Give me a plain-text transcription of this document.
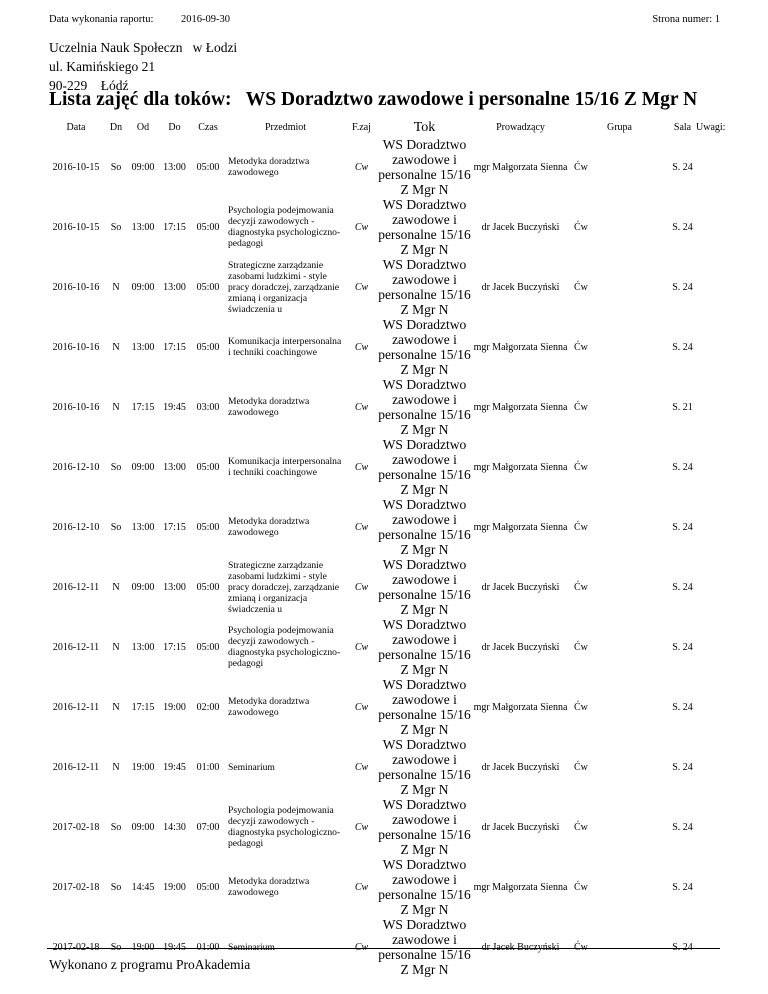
Data wykonania raportu:	2016-09-30	Strona numer: 1
Uczelnia Nauk Społeczn   w Łodzi
ul. Kamińskiego 21
90-229    Łódź
Lista zajęć dla toków:   WS Doradztwo zawodowe i personalne 15/16 Z Mgr N
Data	Dn	Od	Do	Czas	Przedmiot	F.zaj	Tok	Prowadzący	Grupa	Sala	Uwagi:

2016-10-15	So	09:00	13:00	05:00	Metodyka doradztwa zawodowego	Cw	WS Doradztwo zawodowe i personalne 15/16 Z Mgr N	mgr Małgorzata Sienna	Ćw	S. 24	

2016-10-15	So	13:00	17:15	05:00	Psychologia podejmowania decyzji zawodowych - diagnostyka psychologiczno-pedagogi	Cw	WS Doradztwo zawodowe i personalne 15/16 Z Mgr N	dr Jacek Buczyński	Ćw	S. 24	

2016-10-16	N	09:00	13:00	05:00	Strategiczne zarządzanie zasobami ludzkimi - style pracy doradczej, zarządzanie zmianą i organizacja świadczenia u	Cw	WS Doradztwo zawodowe i personalne 15/16 Z Mgr N	dr Jacek Buczyński	Ćw	S. 24	

2016-10-16	N	13:00	17:15	05:00	Komunikacja interpersonalna i techniki coachingowe	Cw	WS Doradztwo zawodowe i personalne 15/16 Z Mgr N	mgr Małgorzata Sienna	Ćw	S. 24	

2016-10-16	N	17:15	19:45	03:00	Metodyka doradztwa zawodowego	Cw	WS Doradztwo zawodowe i personalne 15/16 Z Mgr N	mgr Małgorzata Sienna	Ćw	S. 21	

2016-12-10	So	09:00	13:00	05:00	Komunikacja interpersonalna i techniki coachingowe	Cw	WS Doradztwo zawodowe i personalne 15/16 Z Mgr N	mgr Małgorzata Sienna	Ćw	S. 24	

2016-12-10	So	13:00	17:15	05:00	Metodyka doradztwa zawodowego	Cw	WS Doradztwo zawodowe i personalne 15/16 Z Mgr N	mgr Małgorzata Sienna	Ćw	S. 24	

2016-12-11	N	09:00	13:00	05:00	Strategiczne zarządzanie zasobami ludzkimi - style pracy doradczej, zarządzanie zmianą i organizacja świadczenia u	Cw	WS Doradztwo zawodowe i personalne 15/16 Z Mgr N	dr Jacek Buczyński	Ćw	S. 24	

2016-12-11	N	13:00	17:15	05:00	Psychologia podejmowania decyzji zawodowych - diagnostyka psychologiczno-pedagogi	Cw	WS Doradztwo zawodowe i personalne 15/16 Z Mgr N	dr Jacek Buczyński	Ćw	S. 24	

2016-12-11	N	17:15	19:00	02:00	Metodyka doradztwa zawodowego	Cw	WS Doradztwo zawodowe i personalne 15/16 Z Mgr N	mgr Małgorzata Sienna	Ćw	S. 24	

2016-12-11	N	19:00	19:45	01:00	Seminarium	Cw	WS Doradztwo zawodowe i personalne 15/16 Z Mgr N	dr Jacek Buczyński	Ćw	S. 24	

2017-02-18	So	09:00	14:30	07:00	Psychologia podejmowania decyzji zawodowych - diagnostyka psychologiczno-pedagogi	Cw	WS Doradztwo zawodowe i personalne 15/16 Z Mgr N	dr Jacek Buczyński	Ćw	S. 24	

2017-02-18	So	14:45	19:00	05:00	Metodyka doradztwa zawodowego	Cw	WS Doradztwo zawodowe i personalne 15/16 Z Mgr N	mgr Małgorzata Sienna	Ćw	S. 24	

2017-02-18	So	19:00	19:45	01:00	Seminarium	Cw	WS Doradztwo zawodowe i personalne 15/16 Z Mgr N	dr Jacek Buczyński	Ćw	S. 24	

Wykonano z programu ProAkademia
